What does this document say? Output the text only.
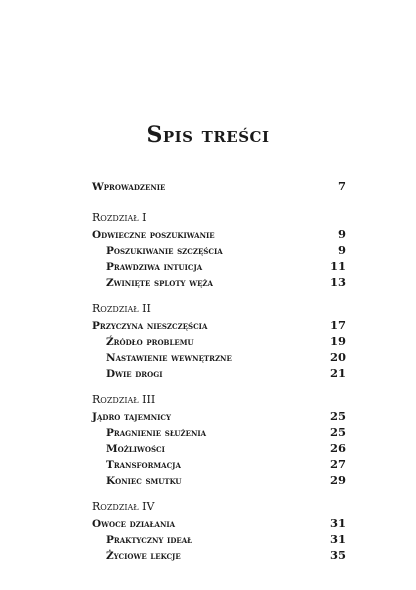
Spis treści
Wprowadzenie	7
Rozdział I
Odwieczne poszukiwanie	9
Poszukiwanie szczęścia	9
Prawdziwa intuicja	11
Zwinięte sploty węża	13
Rozdział II
Przyczyna nieszczęścia	17
Źródło problemu	19
Nastawienie wewnętrzne	20
Dwie drogi	21
Rozdział III
Jądro tajemnicy	25
Pragnienie służenia	25
Możliwości	26
Transformacja	27
Koniec smutku	29
Rozdział IV
Owoce działania	31
Praktyczny ideał	31
Życiowe lekcje	35
